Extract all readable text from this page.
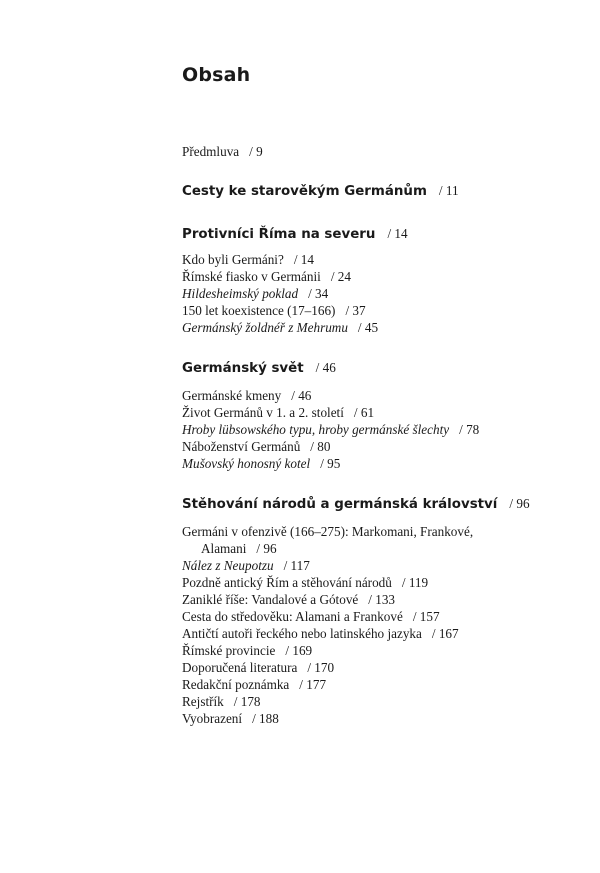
Obsah
Předmluva / 9
Cesty ke starověkým Germánům / 11
Protivníci Říma na severu / 14
Kdo byli Germáni? / 14
Římské fiasko v Germánii / 24
Hildesheimský poklad / 34
150 let koexistence (17–166) / 37
Germánský žoldnéř z Mehrumu / 45
Germánský svět / 46
Germánské kmeny / 46
Život Germánů v 1. a 2. století / 61
Hroby lübsowského typu, hroby germánské šlechty / 78
Náboženství Germánů / 80
Mušovský honosný kotel / 95
Stěhování národů a germánská království / 96
Germáni v ofenzivě (166–275): Markomani, Frankové,
Alamani / 96
Nález z Neupotzu / 117
Pozdně antický Řím a stěhování národů / 119
Zaniklé říše: Vandalové a Gótové / 133
Cesta do středověku: Alamani a Frankové / 157
Antičtí autoři řeckého nebo latinského jazyka / 167
Římské provincie / 169
Doporučená literatura / 170
Redakční poznámka / 177
Rejstřík / 178
Vyobrazení / 188
